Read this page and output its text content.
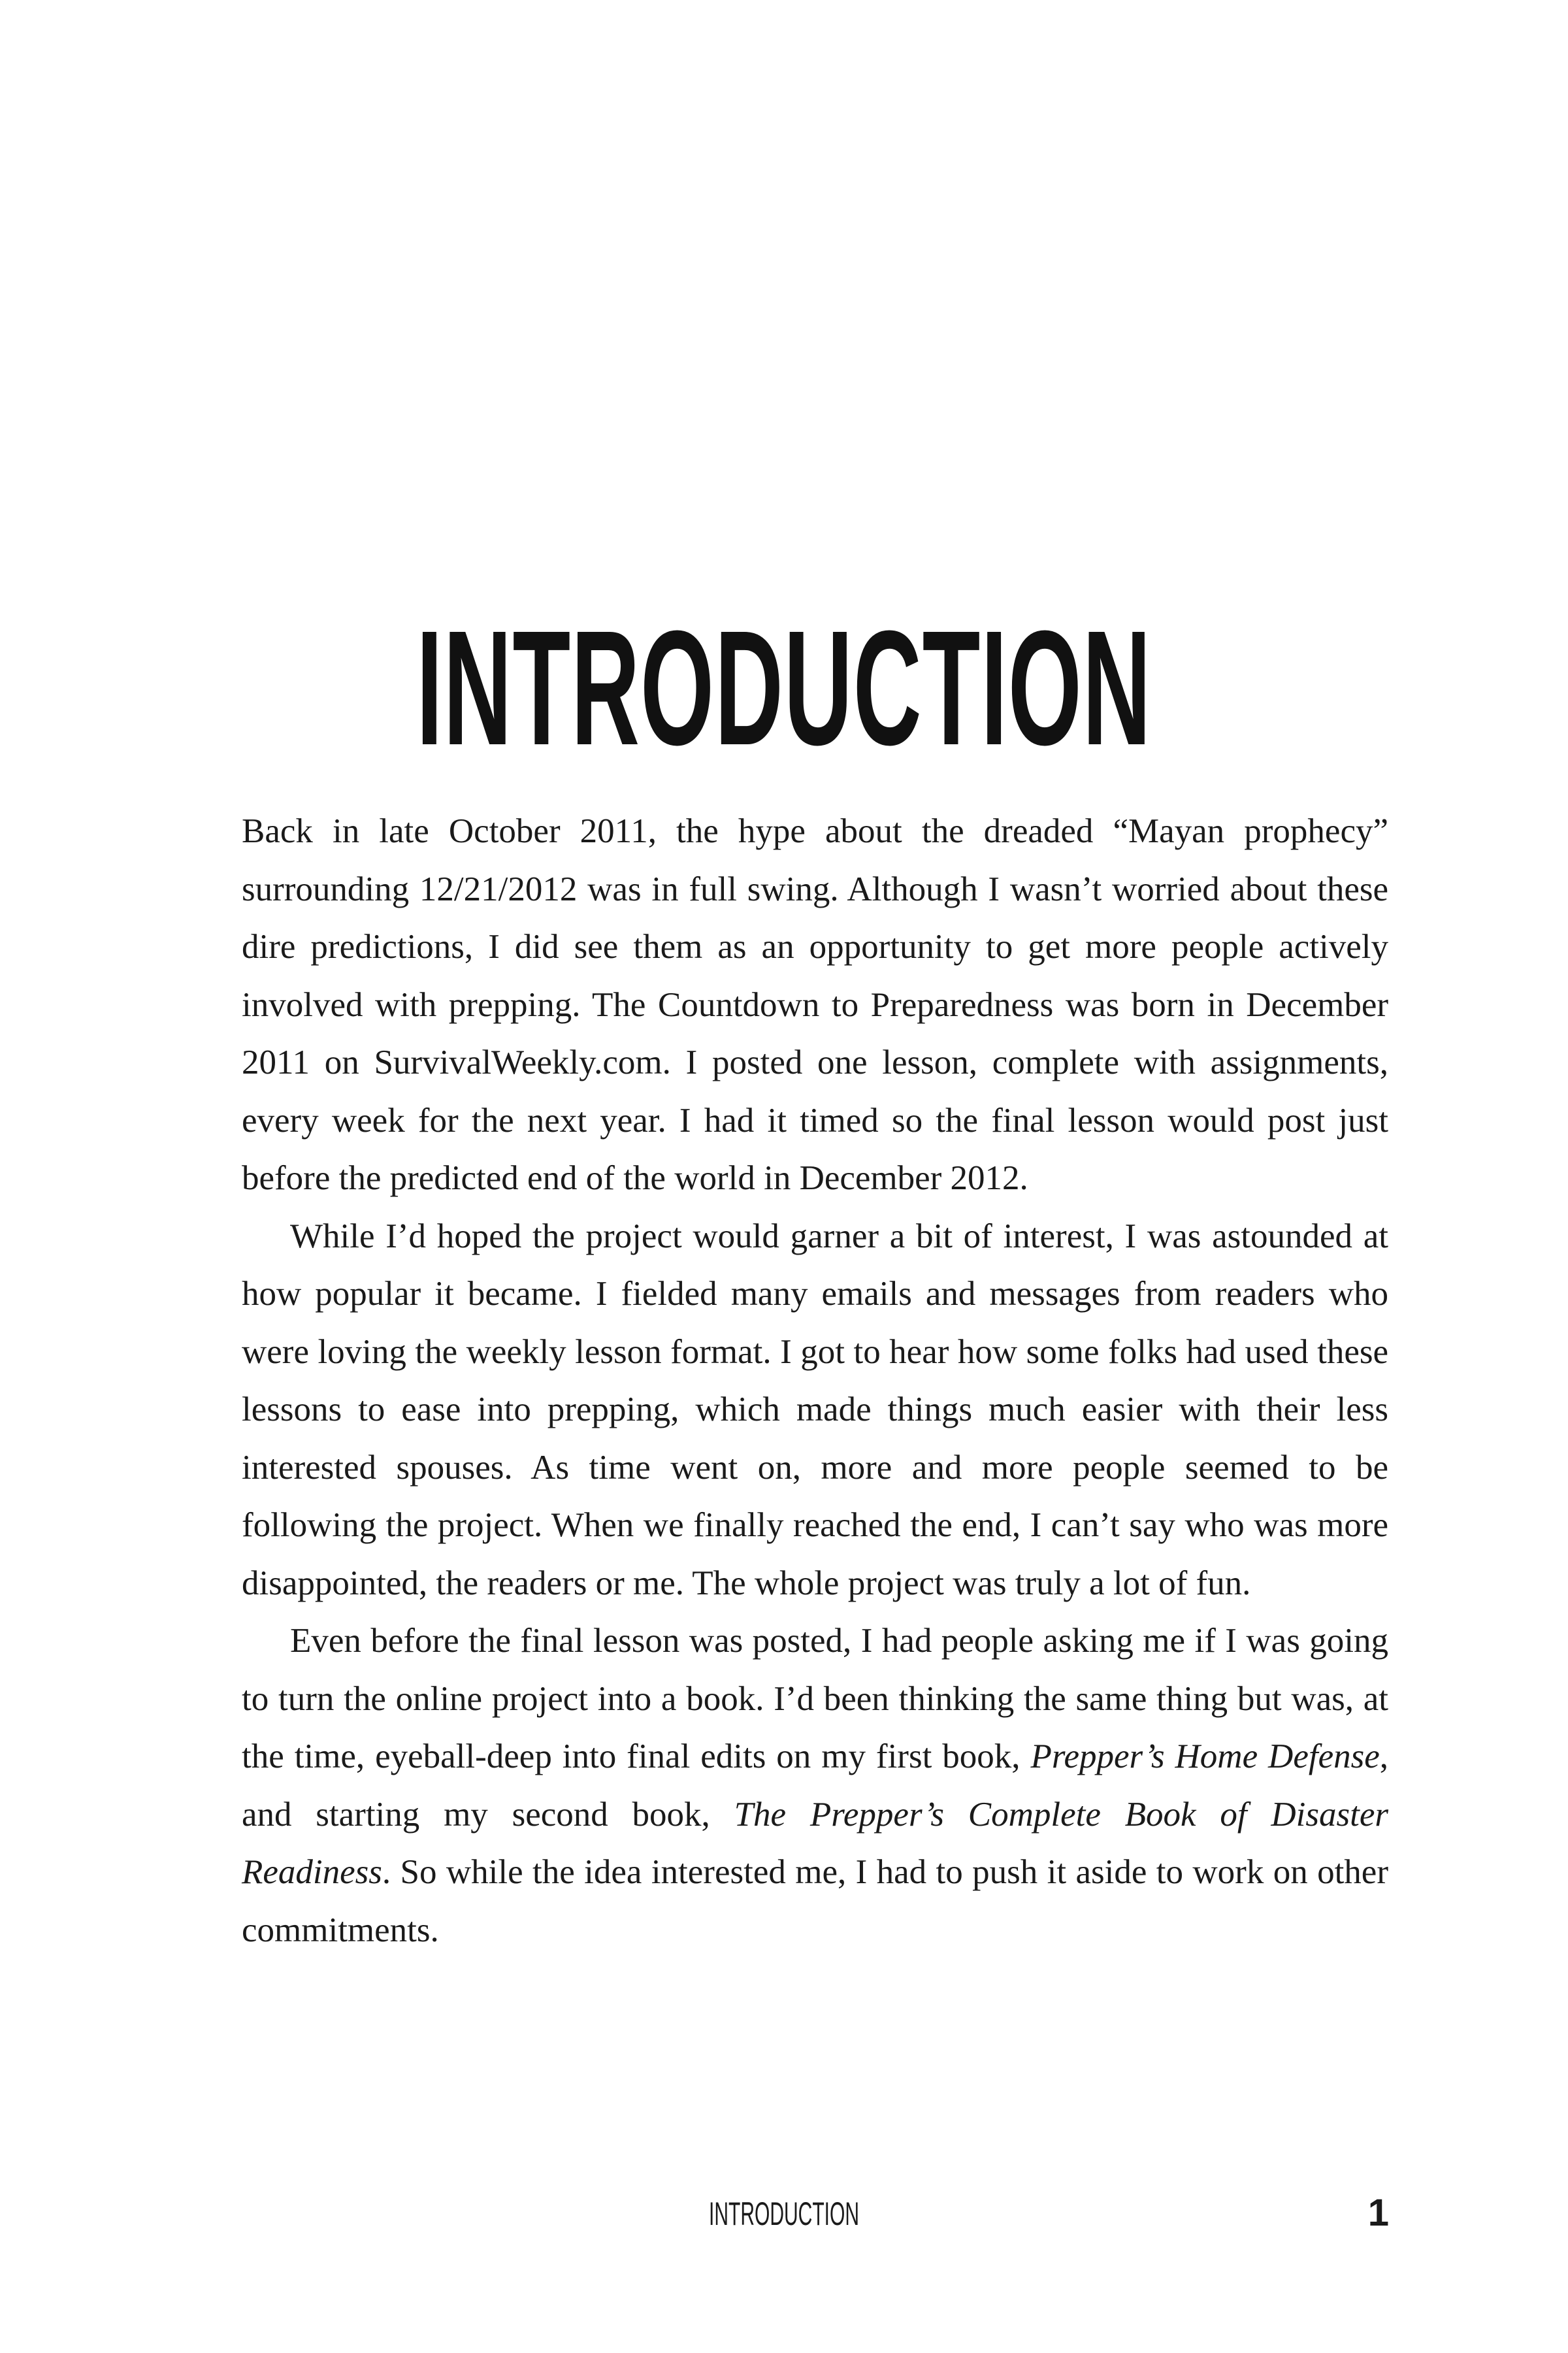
INTRODUCTION

Back in late October 2011, the hype about the dreaded “Mayan prophecy” surrounding 12/21/2012 was in full swing. Although I wasn’t worried about these dire predictions, I did see them as an opportunity to get more people actively involved with prepping. The Countdown to Preparedness was born in December 2011 on SurvivalWeekly.com. I posted one lesson, complete with assignments, every week for the next year. I had it timed so the final lesson would post just before the predicted end of the world in December 2012.

While I’d hoped the project would garner a bit of interest, I was astounded at how popular it became. I fielded many emails and messages from readers who were loving the weekly lesson format. I got to hear how some folks had used these lessons to ease into prepping, which made things much easier with their less interested spouses. As time went on, more and more people seemed to be following the project. When we finally reached the end, I can’t say who was more disappointed, the readers or me. The whole project was truly a lot of fun.

Even before the final lesson was posted, I had people asking me if I was going to turn the online project into a book. I’d been thinking the same thing but was, at the time, eyeball-deep into final edits on my first book, Prepper’s Home Defense, and starting my second book, The Prepper’s Complete Book of Disaster Readiness. So while the idea interested me, I had to push it aside to work on other commitments.

INTRODUCTION	1
